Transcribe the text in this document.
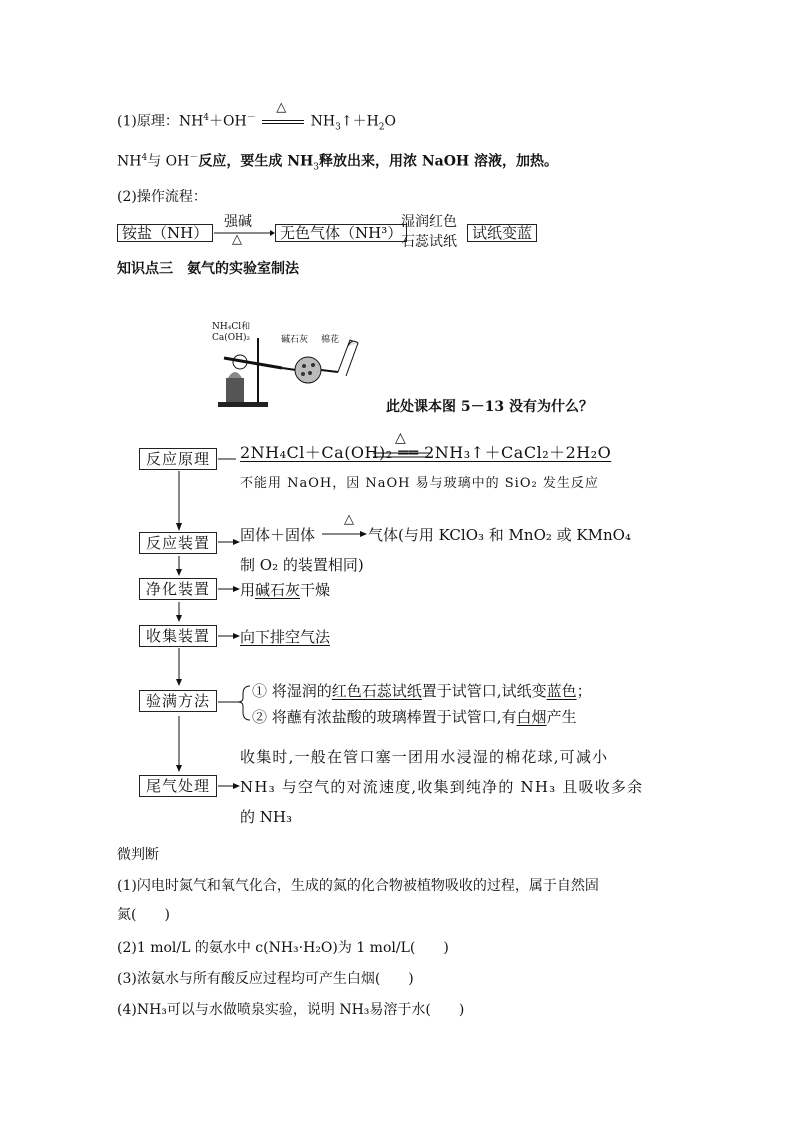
(1)原理：$NH^4+OH^-$
△
$NH_3↑+H_2O$
$NH^4$与 OH－反应，要生成 $NH_3$释放出来，用浓 NaOH 溶液，加热。
(2)操作流程：
铵盐（NH）
强碱
△	无色气体（NH³）
湿润红色
石蕊试纸	试纸变蓝
知识点三　氨气的实验室制法
NH₄Cl和
Ca(OH)₂	碱石灰 棉花
此处课本图 5－13 没有为什么？
反应原理
反应装置
净化装置
收集装置
验满方法
尾气处理
△
2NH₄Cl＋Ca(OH)₂ ══ 2NH₃↑＋CaCl₂＋2H₂O
不能用 NaOH，因 NaOH 易与玻璃中的 SiO₂ 发生反应
固体＋固体
△
气体(与用 KClO₃ 和 MnO₂ 或 KMnO₄
制 O₂ 的装置相同)
用碱石灰干燥
向下排空气法
① 将湿润的红色石蕊试纸置于试管口,试纸变蓝色；
② 将蘸有浓盐酸的玻璃棒置于试管口,有白烟产生
收集时,一般在管口塞一团用水浸湿的棉花球,可减小
NH₃ 与空气的对流速度,收集到纯净的 NH₃ 且吸收多余
的 NH₃
微判断
(1)闪电时氮气和氧气化合，生成的氮的化合物被植物吸收的过程，属于自然固
氮(　　)
(2)1 mol/L 的氨水中 c(NH₃·H₂O)为 1 mol/L(　　)
(3)浓氨水与所有酸反应过程均可产生白烟(　　)
(4)NH₃可以与水做喷泉实验，说明 NH₃易溶于水(　　)
